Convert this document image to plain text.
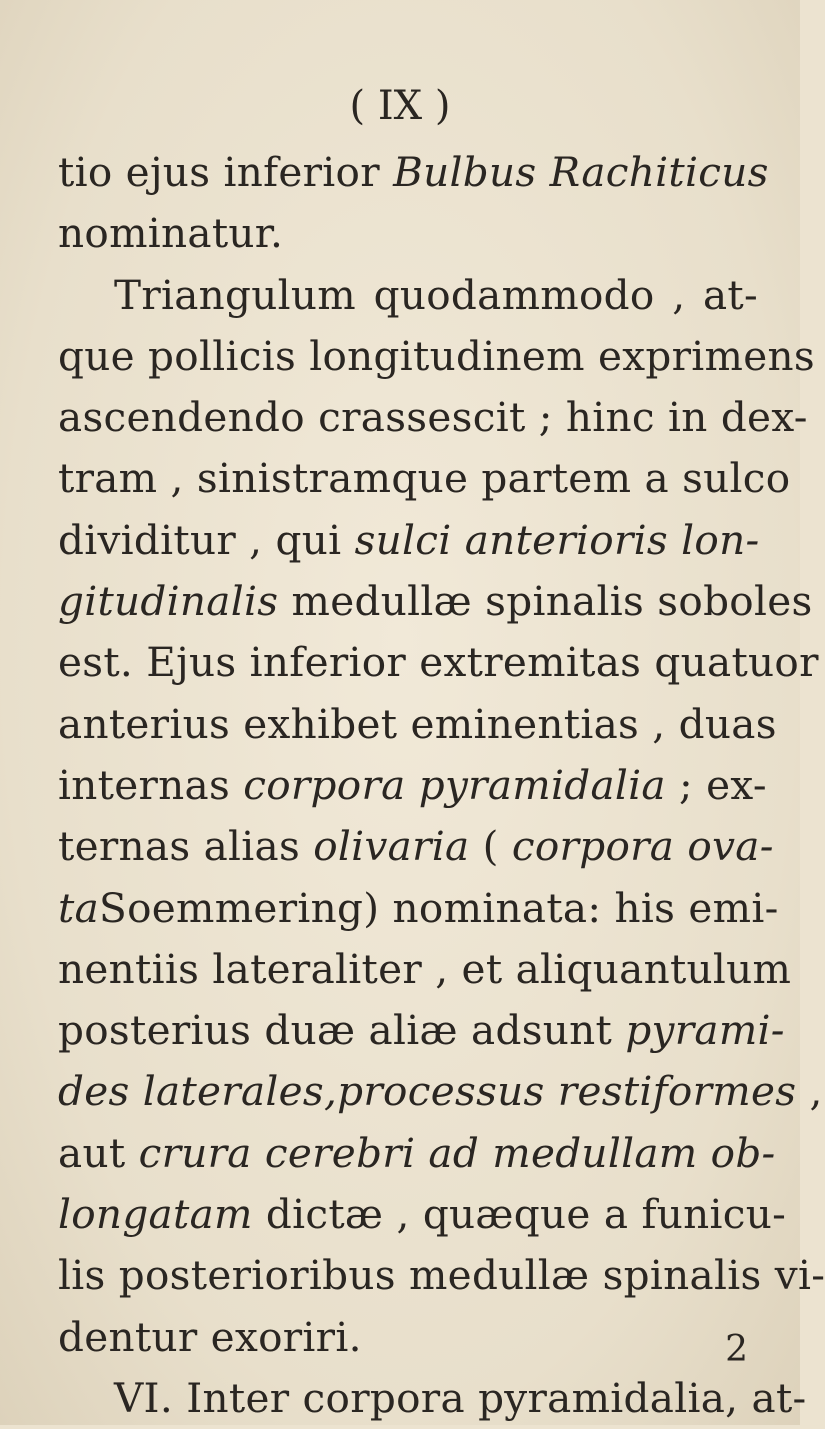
( IX )
tio ejus inferior Bulbus Rachiticus
nominatur.
Triangulum quodammodo , at-
que pollicis longitudinem exprimens
ascendendo crassescit ; hinc in dex-
tram , sinistramque partem a sulco
dividitur , qui sulci anterioris lon-
gitudinalis medullæ spinalis soboles
est. Ejus inferior extremitas quatuor
anterius exhibet eminentias , duas
internas corpora pyramidalia ; ex-
ternas alias olivaria ( corpora ova-
taSoemmering) nominata: his emi-
nentiis lateraliter , et aliquantulum
posterius duæ aliæ adsunt pyrami-
des laterales,processus restiformes ,
aut crura cerebri ad medullam ob-
longatam dictæ , quæque a funicu-
lis posterioribus medullæ spinalis vi-
dentur exoriri.
VI. Inter corpora pyramidalia, at-
2
